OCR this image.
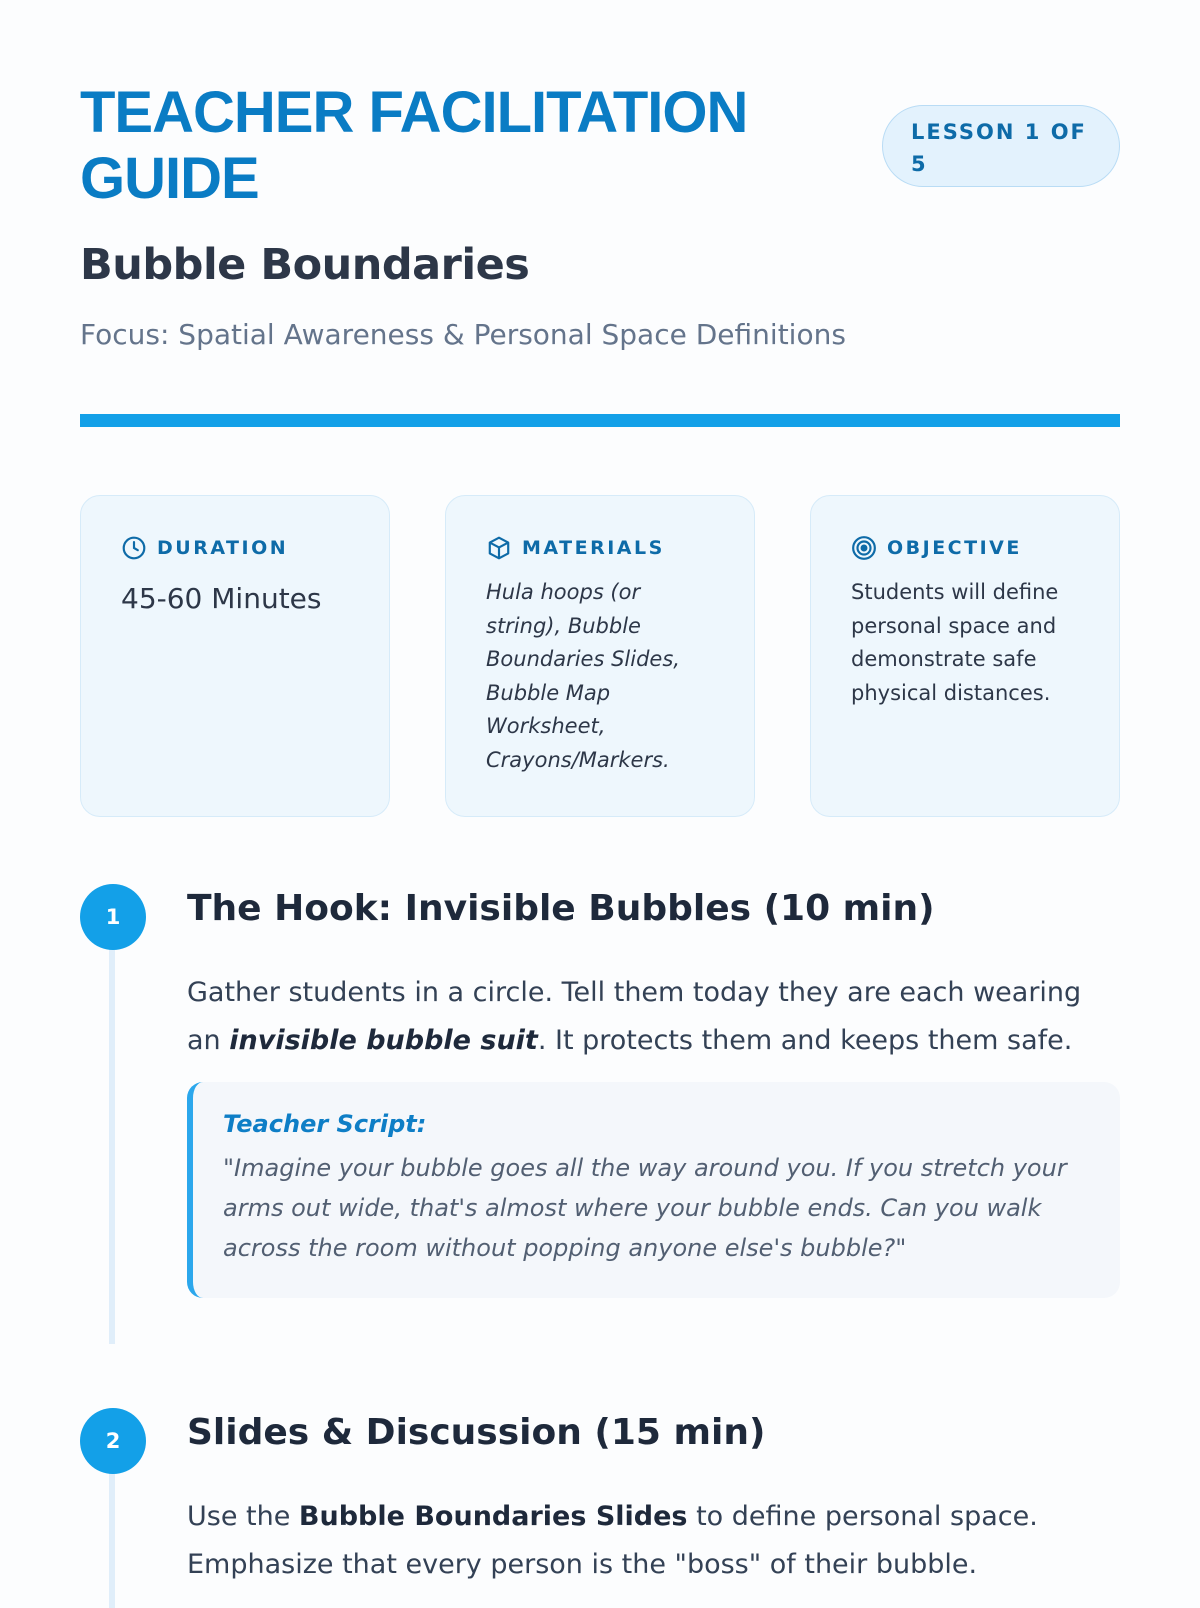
TEACHER FACILITATION GUIDE
LESSON 1 OF 5
Bubble Boundaries

Focus: Spatial Awareness & Personal Space Definitions

DURATION
45-60 Minutes
MATERIALS
Hula hoops (or string), Bubble Boundaries Slides, Bubble Map Worksheet, Crayons/Markers.
OBJECTIVE
Students will define personal space and demonstrate safe physical distances.
1	The Hook: Invisible Bubbles (10 min)

Gather students in a circle. Tell them today they are each wearing an invisible bubble suit. It protects them and keeps them safe.

Teacher Script:
"Imagine your bubble goes all the way around you. If you stretch your arms out wide, that's almost where your bubble ends. Can you walk across the room without popping anyone else's bubble?"
2	Slides & Discussion (15 min)

Use the Bubble Boundaries Slides to define personal space. Emphasize that every person is the "boss" of their bubble.
